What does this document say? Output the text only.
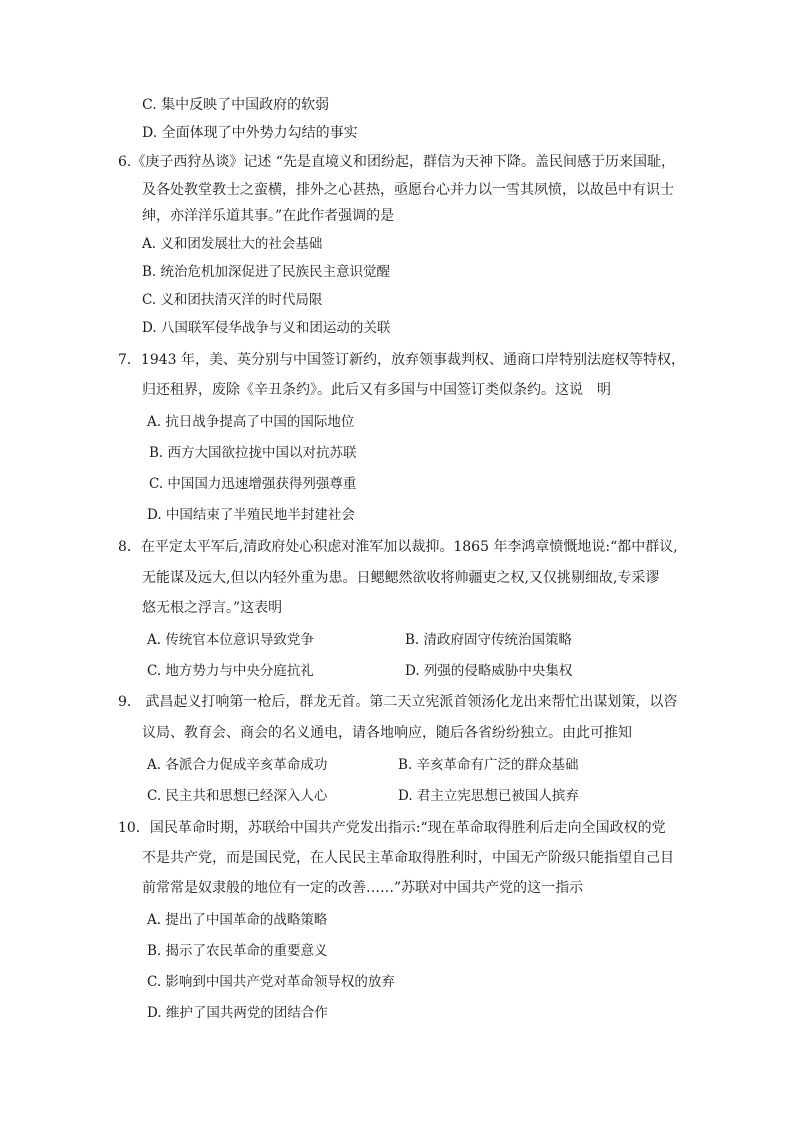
C. 集中反映了中国政府的软弱
D. 全面体现了中外势力勾结的事实
6.《庚子西狩丛谈》记述 “先是直境义和团纷起，群信为天神下降。盖民间感于历来国耻，
及各处教堂教士之蛮横，排外之心甚热，亟愿台心并力以一雪其夙愤，以故邑中有识士
绅，亦洋洋乐道其事。”在此作者强调的是
A. 义和团发展壮大的社会基础
B. 统治危机加深促进了民族民主意识觉醒
C. 义和团扶清灭洋的时代局限
D. 八国联军侵华战争与义和团运动的关联
7．1943 年，美、英分别与中国签订新约，放弃领事裁判权、通商口岸特别法庭权等特权，
归还租界，废除《辛丑条约》。此后又有多国与中国签订类似条约。这说　明
A. 抗日战争提高了中国的国际地位
B. 西方大国欲拉拢中国以对抗苏联
C. 中国国力迅速增强获得列强尊重
D. 中国结束了半殖民地半封建社会
8．在平定太平军后,清政府处心积虑对淮军加以裁抑。1865 年李鸿章愤慨地说:“都中群议,
无能谋及远大,但以内轻外重为患。日鳃鳃然欲收将帅疆吏之权,又仅挑剔细故,专采谬
悠无根之浮言。”这表明
A. 传统官本位意识导致党争	B. 清政府固守传统治国策略
C. 地方势力与中央分庭抗礼	D. 列强的侵略威胁中央集权
9． 武昌起义打响第一枪后，群龙无首。第二天立宪派首领汤化龙出来帮忙出谋划策，以咨
议局、教育会、商会的名义通电，请各地响应，随后各省纷纷独立。由此可推知
A. 各派合力促成辛亥革命成功	B. 辛亥革命有广泛的群众基础
C. 民主共和思想已经深入人心	D. 君主立宪思想已被国人摈弃
10．国民革命时期，苏联给中国共产党发出指示:“现在革命取得胜利后走向全国政权的党
不是共产党，而是国民党，在人民民主革命取得胜利时，中国无产阶级只能指望自己目
前常常是奴隶般的地位有一定的改善……”苏联对中国共产党的这一指示
A. 提出了中国革命的战略策略
B. 揭示了农民革命的重要意义
C. 影响到中国共产党对革命领导权的放弃
D. 维护了国共两党的团结合作
